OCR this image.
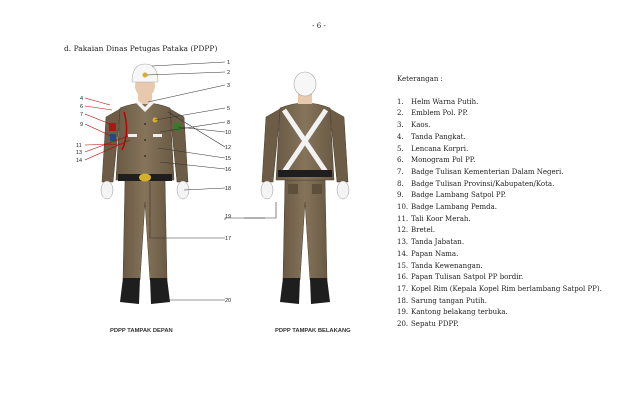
- 6 -
d. Pakaian Dinas Petugas Pataka (PDPP)
4
6
7
9
11
13
14
1
2
3
5
8
10
12
15
16
18
19
17
20
PDPP TAMPAK DEPAN	PDPP TAMPAK BELAKANG
Keterangan :
1.	Helm Warna Putih.
2.	Emblem Pol. PP.
3.	Kaos.
4.	Tanda Pangkat.
5.	Lencana Korpri.
6.	Monogram Pol PP.
7.	Badge Tulisan Kementerian Dalam Negeri.
8.	Badge Tulisan Provinsi/Kabupaten/Kota.
9.	Badge Lambang Satpol PP.
10. Badge Lambang Pemda.
11. Tali Koor Merah.
12. Bretel.
13. Tanda Jabatan.
14. Papan Nama.
15. Tanda Kewenangan.
16. Papan Tulisan Satpol PP bordir.
17. Kopel Rim (Kepala Kopel Rim berlambang Satpol PP).
18. Sarung tangan Putih.
19. Kantong belakang terbuka.
20. Sepatu PDPP.
